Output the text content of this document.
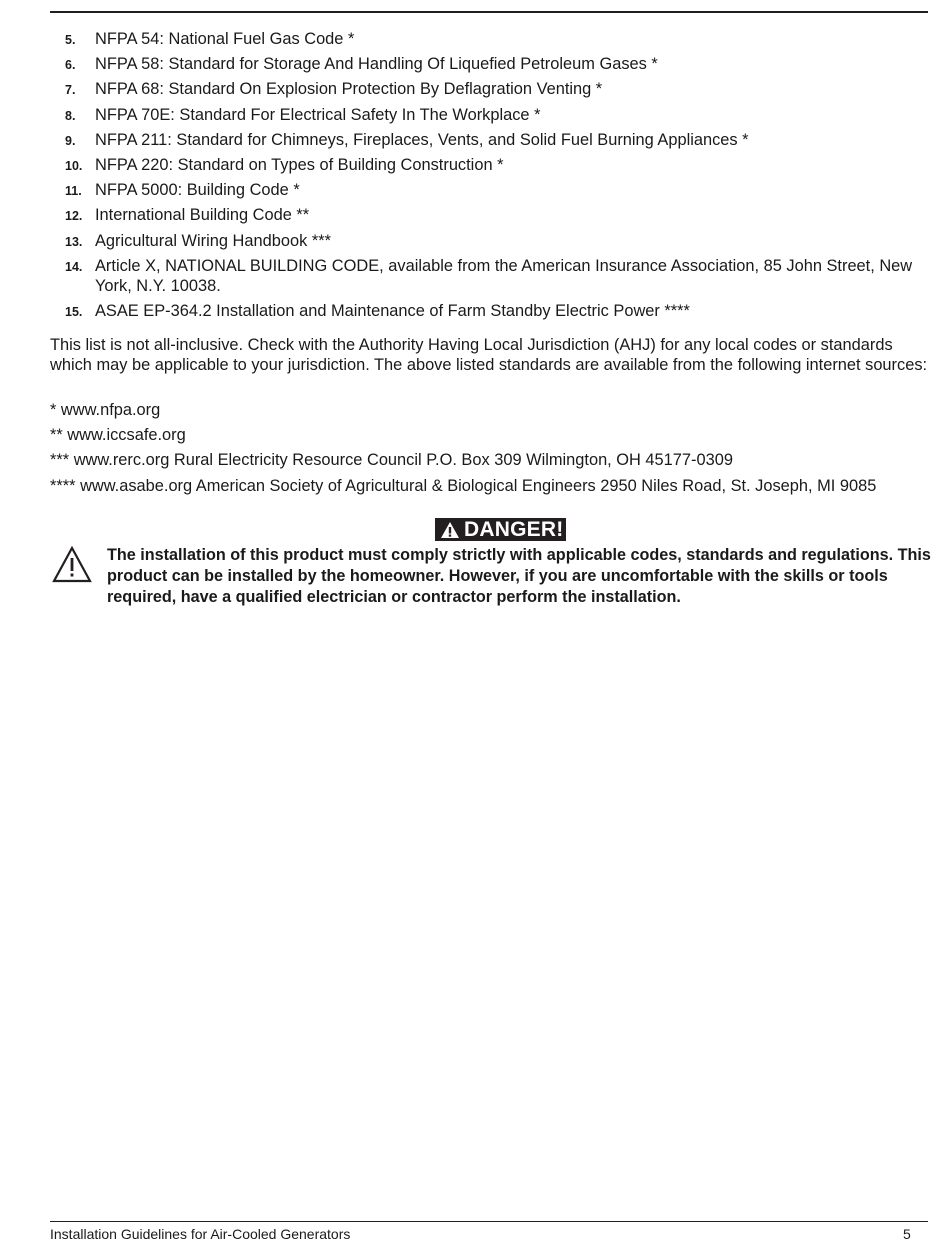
5. NFPA 54: National Fuel Gas Code *
6. NFPA 58: Standard for Storage And Handling Of Liquefied Petroleum Gases *
7. NFPA 68: Standard On Explosion Protection By Deflagration Venting *
8. NFPA 70E: Standard For Electrical Safety In The Workplace *
9. NFPA 211: Standard for Chimneys, Fireplaces, Vents, and Solid Fuel Burning Appliances *
10. NFPA 220: Standard on Types of Building Construction *
11. NFPA 5000: Building Code *
12. International Building Code **
13. Agricultural Wiring Handbook ***
14. Article X, NATIONAL BUILDING CODE, available from the American Insurance Association, 85 John Street, New York, N.Y. 10038.
15. ASAE EP-364.2 Installation and Maintenance of Farm Standby Electric Power ****

This list is not all-inclusive. Check with the Authority Having Local Jurisdiction (AHJ) for any local codes or standards which may be applicable to your jurisdiction. The above listed standards are available from the following internet sources:

* www.nfpa.org
** www.iccsafe.org
*** www.rerc.org Rural Electricity Resource Council P.O. Box 309 Wilmington, OH 45177-0309
**** www.asabe.org American Society of Agricultural & Biological Engineers 2950 Niles Road, St. Joseph, MI 9085
DANGER!

The installation of this product must comply strictly with applicable codes, standards and regulations. This product can be installed by the homeowner. However, if you are uncomfortable with the skills or tools required, have a qualified electrician or contractor perform the installation.

Installation Guidelines for Air-Cooled Generators	5
